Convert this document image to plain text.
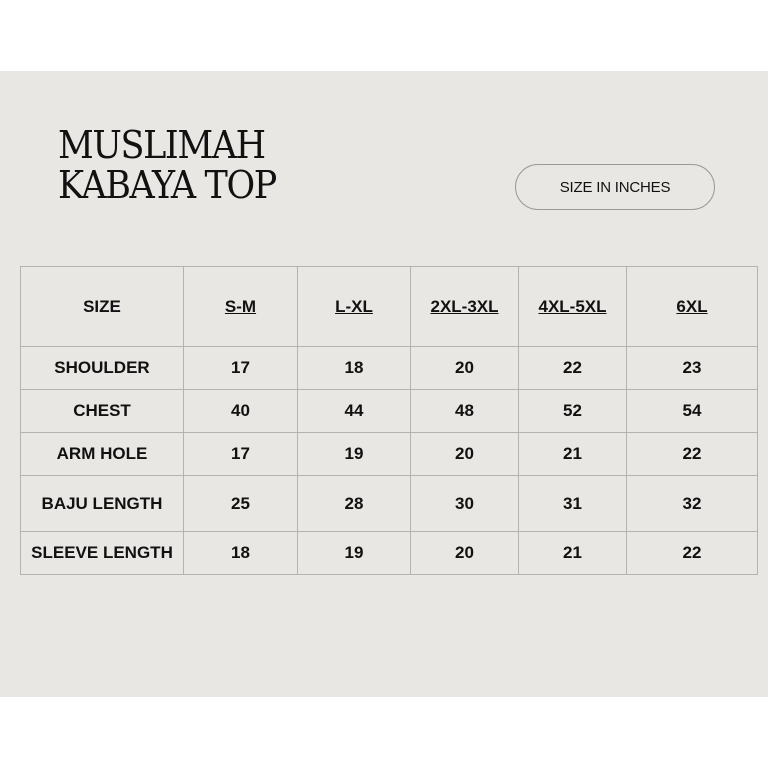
MUSLIMAH
KABAYA TOP	SIZE IN INCHES
SIZE	S-M	L-XL	2XL-3XL	4XL-5XL	6XL
SHOULDER	17	18	20	22	23
CHEST	40	44	48	52	54
ARM HOLE	17	19	20	21	22
BAJU LENGTH	25	28	30	31	32
SLEEVE LENGTH	18	19	20	21	22
